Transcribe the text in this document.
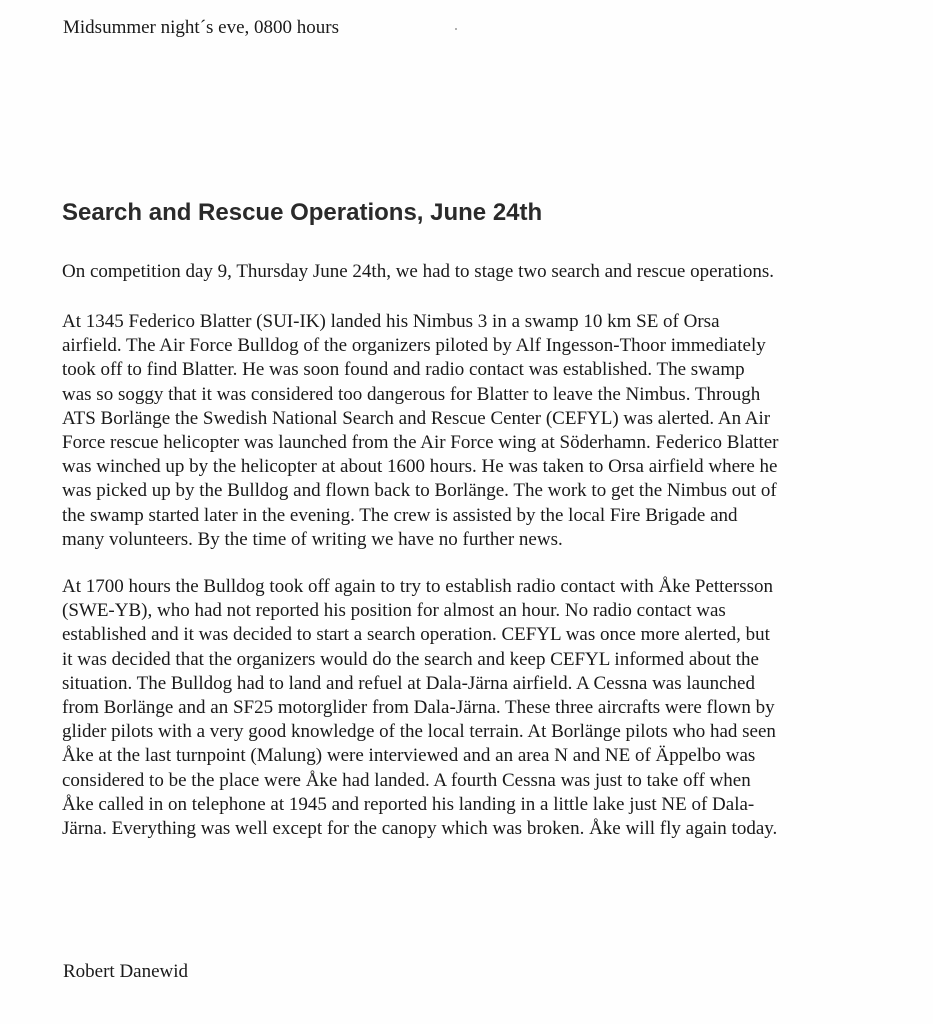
Midsummer night´s eve, 0800 hours
Search and Rescue Operations, June 24th
On competition day 9, Thursday June 24th, we had to stage two search and rescue operations.
At 1345 Federico Blatter (SUI-IK) landed his Nimbus 3 in a swamp 10 km SE of Orsa
airfield. The Air Force Bulldog of the organizers piloted by Alf Ingesson-Thoor immediately
took off to find Blatter. He was soon found and radio contact was established. The swamp
was so soggy that it was considered too dangerous for Blatter to leave the Nimbus. Through
ATS Borlänge the Swedish National Search and Rescue Center (CEFYL) was alerted. An Air
Force rescue helicopter was launched from the Air Force wing at Söderhamn. Federico Blatter
was winched up by the helicopter at about 1600 hours. He was taken to Orsa airfield where he
was picked up by the Bulldog and flown back to Borlänge. The work to get the Nimbus out of
the swamp started later in the evening. The crew is assisted by the local Fire Brigade and
many volunteers. By the time of writing we have no further news.
At 1700 hours the Bulldog took off again to try to establish radio contact with Åke Pettersson
(SWE-YB), who had not reported his position for almost an hour. No radio contact was
established and it was decided to start a search operation. CEFYL was once more alerted, but
it was decided that the organizers would do the search and keep CEFYL informed about the
situation. The Bulldog had to land and refuel at Dala-Järna airfield. A Cessna was launched
from Borlänge and an SF25 motorglider from Dala-Järna. These three aircrafts were flown by
glider pilots with a very good knowledge of the local terrain. At Borlänge pilots who had seen
Åke at the last turnpoint (Malung) were interviewed and an area N and NE of Äppelbo was
considered to be the place were Åke had landed. A fourth Cessna was just to take off when
Åke called in on telephone at 1945 and reported his landing in a little lake just NE of Dala-
Järna. Everything was well except for the canopy which was broken. Åke will fly again today.
Robert Danewid
